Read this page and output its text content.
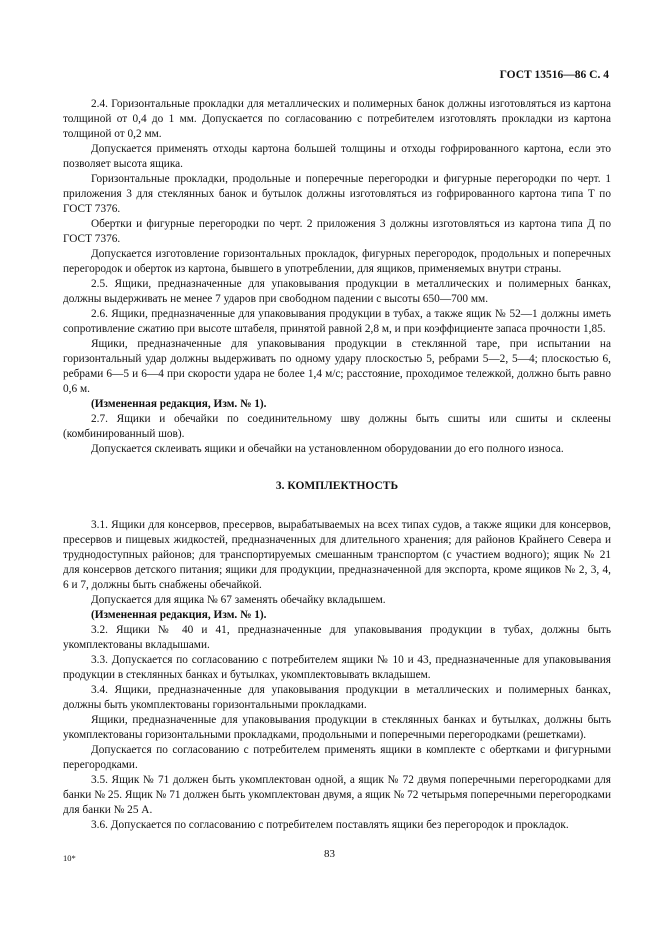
ГОСТ 13516—86 С. 4

2.4. Горизонтальные прокладки для металлических и полимерных банок должны изготовляться из картона толщиной от 0,4 до 1 мм. Допускается по согласованию с потребителем изготовлять прокладки из картона толщиной от 0,2 мм.

Допускается применять отходы картона большей толщины и отходы гофрированного картона, если это позволяет высота ящика.

Горизонтальные прокладки, продольные и поперечные перегородки и фигурные перегородки по черт. 1 приложения 3 для стеклянных банок и бутылок должны изготовляться из гофрированного картона типа Т по ГОСТ 7376.

Обертки и фигурные перегородки по черт. 2 приложения 3 должны изготовляться из картона типа Д по ГОСТ 7376.

Допускается изготовление горизонтальных прокладок, фигурных перегородок, продольных и поперечных перегородок и оберток из картона, бывшего в употреблении, для ящиков, применяемых внутри страны.

2.5. Ящики, предназначенные для упаковывания продукции в металлических и полимерных банках, должны выдерживать не менее 7 ударов при свободном падении с высоты 650—700 мм.

2.6. Ящики, предназначенные для упаковывания продукции в тубах, а также ящик № 52—1 должны иметь сопротивление сжатию при высоте штабеля, принятой равной 2,8 м, и при коэффициенте запаса прочности 1,85.

Ящики, предназначенные для упаковывания продукции в стеклянной таре, при испытании на горизонтальный удар должны выдерживать по одному удару плоскостью 5, ребрами 5—2, 5—4; плоскостью 6, ребрами 6—5 и 6—4 при скорости удара не более 1,4 м/с; расстояние, проходимое тележкой, должно быть равно 0,6 м.

(Измененная редакция, Изм. № 1).

2.7. Ящики и обечайки по соединительному шву должны быть сшиты или сшиты и склеены (комбинированный шов).

Допускается склеивать ящики и обечайки на установленном оборудовании до его полного износа.

3. КОМПЛЕКТНОСТЬ

3.1. Ящики для консервов, пресервов, вырабатываемых на всех типах судов, а также ящики для консервов, пресервов и пищевых жидкостей, предназначенных для длительного хранения; для районов Крайнего Севера и труднодоступных районов; для транспортируемых смешанным транспортом (с участием водного); ящик № 21 для консервов детского питания; ящики для продукции, предназначенной для экспорта, кроме ящиков № 2, 3, 4, 6 и 7, должны быть снабжены обечайкой.

Допускается для ящика № 67 заменять обечайку вкладышем.

(Измененная редакция, Изм. № 1).

3.2. Ящики № 40 и 41, предназначенные для упаковывания продукции в тубах, должны быть укомплектованы вкладышами.

3.3. Допускается по согласованию с потребителем ящики № 10 и 43, предназначенные для упаковывания продукции в стеклянных банках и бутылках, укомплектовывать вкладышем.

3.4. Ящики, предназначенные для упаковывания продукции в металлических и полимерных банках, должны быть укомплектованы горизонтальными прокладками.

Ящики, предназначенные для упаковывания продукции в стеклянных банках и бутылках, должны быть укомплектованы горизонтальными прокладками, продольными и поперечными перегородками (решетками).

Допускается по согласованию с потребителем применять ящики в комплекте с обертками и фигурными перегородками.

3.5. Ящик № 71 должен быть укомплектован одной, а ящик № 72 двумя поперечными перегородками для банки № 25. Ящик № 71 должен быть укомплектован двумя, а ящик № 72 четырьмя поперечными перегородками для банки № 25 А.

3.6. Допускается по согласованию с потребителем поставлять ящики без перегородок и прокладок.

10*	83
